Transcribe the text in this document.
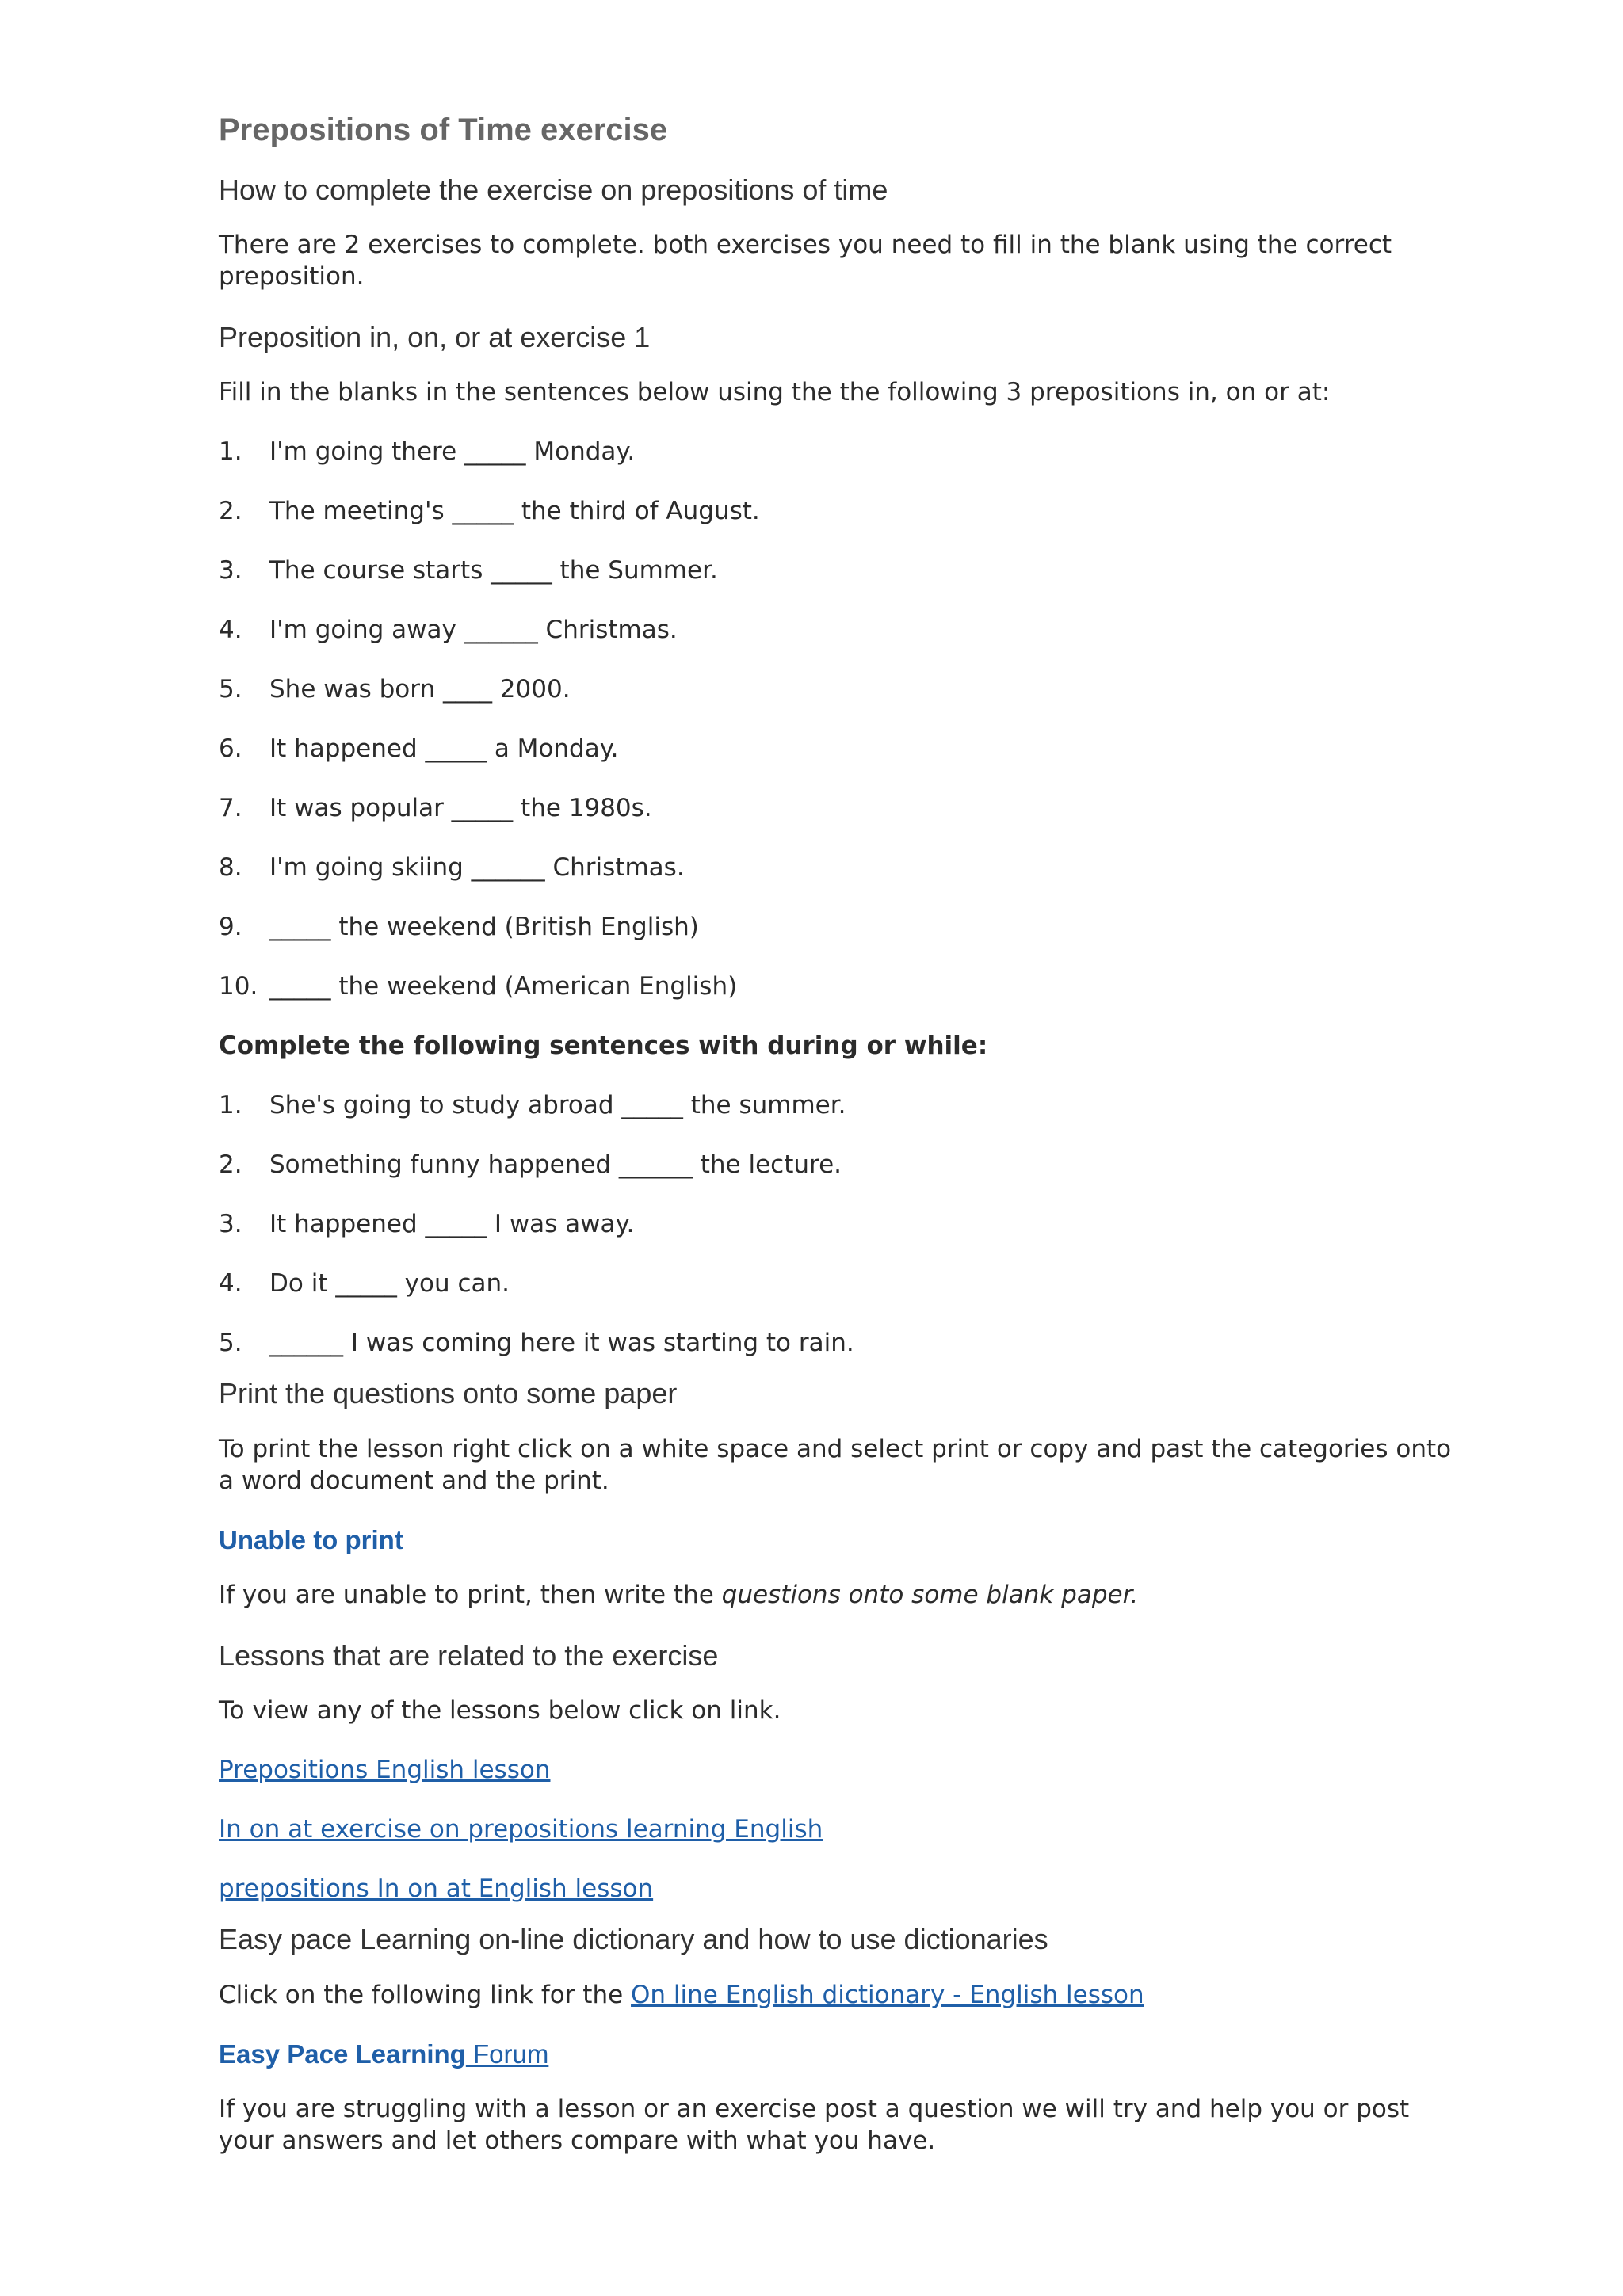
Prepositions of Time exercise
How to complete the exercise on prepositions of time
There are 2 exercises to complete. both exercises you need to fill in the blank using the correct preposition.
Preposition in, on, or at exercise 1
Fill in the blanks in the sentences below using the the following 3 prepositions in, on or at:
1.	I'm going there _____ Monday.
2.	The meeting's _____ the third of August.
3.	The course starts _____ the Summer.
4.	I'm going away ______ Christmas.
5.	She was born ____ 2000.
6.	It happened _____ a Monday.
7.	It was popular _____ the 1980s.
8.	I'm going skiing ______ Christmas.
9.	_____ the weekend (British English)
10. _____ the weekend (American English)
Complete the following sentences with during or while:
1.	She's going to study abroad _____ the summer.
2.	Something funny happened ______ the lecture.
3.	It happened _____ I was away.
4.	Do it _____ you can.
5.	______ I was coming here it was starting to rain.
Print the questions onto some paper
To print the lesson right click on a white space and select print or copy and past the categories onto a word document and the print.
Unable to print
If you are unable to print, then write the questions onto some blank paper.
Lessons that are related to the exercise
To view any of the lessons below click on link.
Prepositions English lesson
In on at exercise on prepositions learning English
prepositions In on at English lesson
Easy pace Learning on-line dictionary and how to use dictionaries
Click on the following link for the On line English dictionary - English lesson
Easy Pace Learning Forum
If you are struggling with a lesson or an exercise post a question we will try and help you or post your answers and let others compare with what you have.
